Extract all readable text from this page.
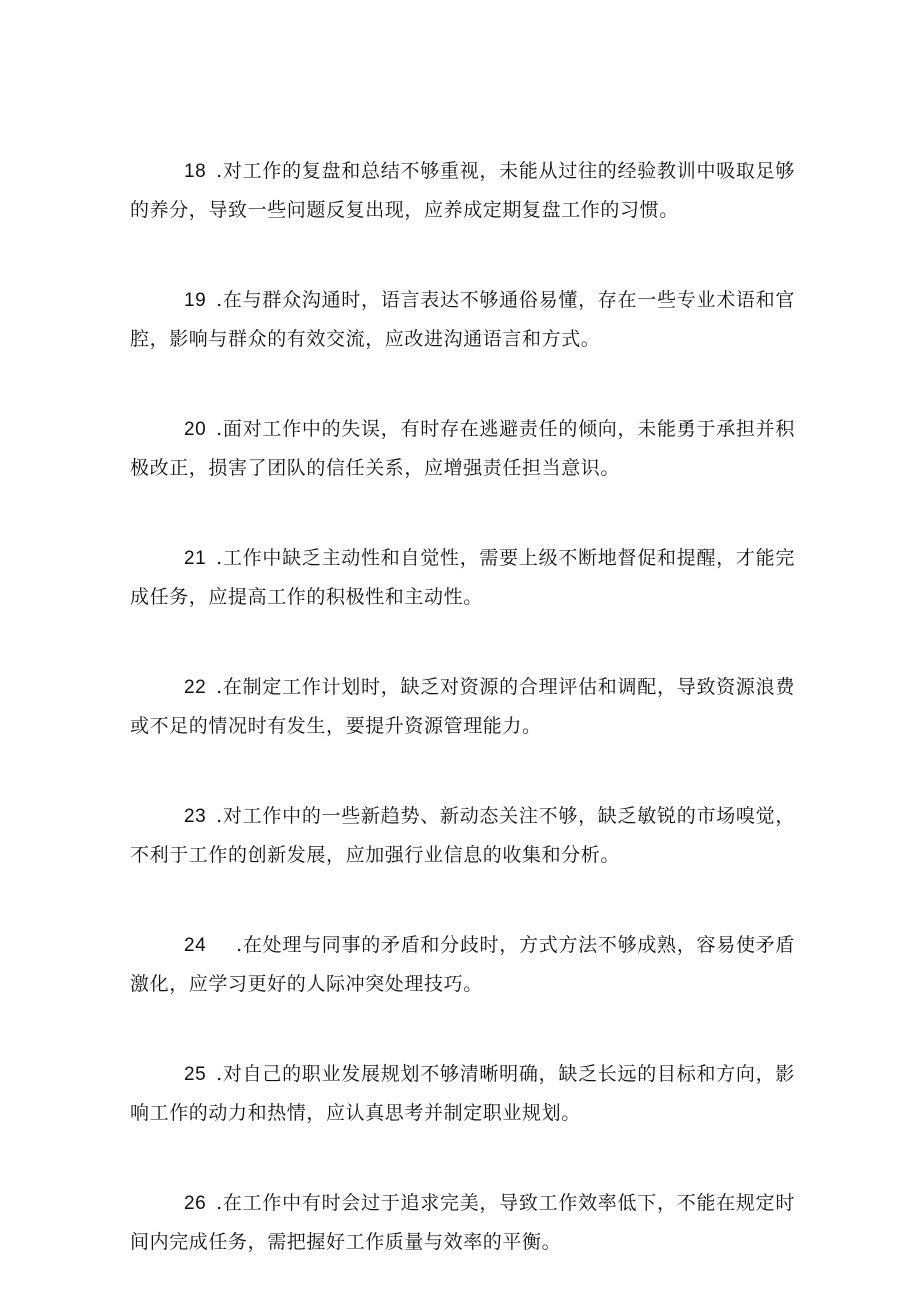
18 .对工作的复盘和总结不够重视，未能从过往的经验教训中吸取足够的养分，导致一些问题反复出现，应养成定期复盘工作的习惯。

19 .在与群众沟通时，语言表达不够通俗易懂，存在一些专业术语和官腔，影响与群众的有效交流，应改进沟通语言和方式。

20 .面对工作中的失误，有时存在逃避责任的倾向，未能勇于承担并积极改正，损害了团队的信任关系，应增强责任担当意识。

21 .工作中缺乏主动性和自觉性，需要上级不断地督促和提醒，才能完成任务，应提高工作的积极性和主动性。

22 .在制定工作计划时，缺乏对资源的合理评估和调配，导致资源浪费或不足的情况时有发生，要提升资源管理能力。

23 .对工作中的一些新趋势、新动态关注不够，缺乏敏锐的市场嗅觉，不利于工作的创新发展，应加强行业信息的收集和分析。

24 .在处理与同事的矛盾和分歧时，方式方法不够成熟，容易使矛盾激化，应学习更好的人际冲突处理技巧。

25 .对自己的职业发展规划不够清晰明确，缺乏长远的目标和方向，影响工作的动力和热情，应认真思考并制定职业规划。

26 .在工作中有时会过于追求完美，导致工作效率低下，不能在规定时间内完成任务，需把握好工作质量与效率的平衡。
